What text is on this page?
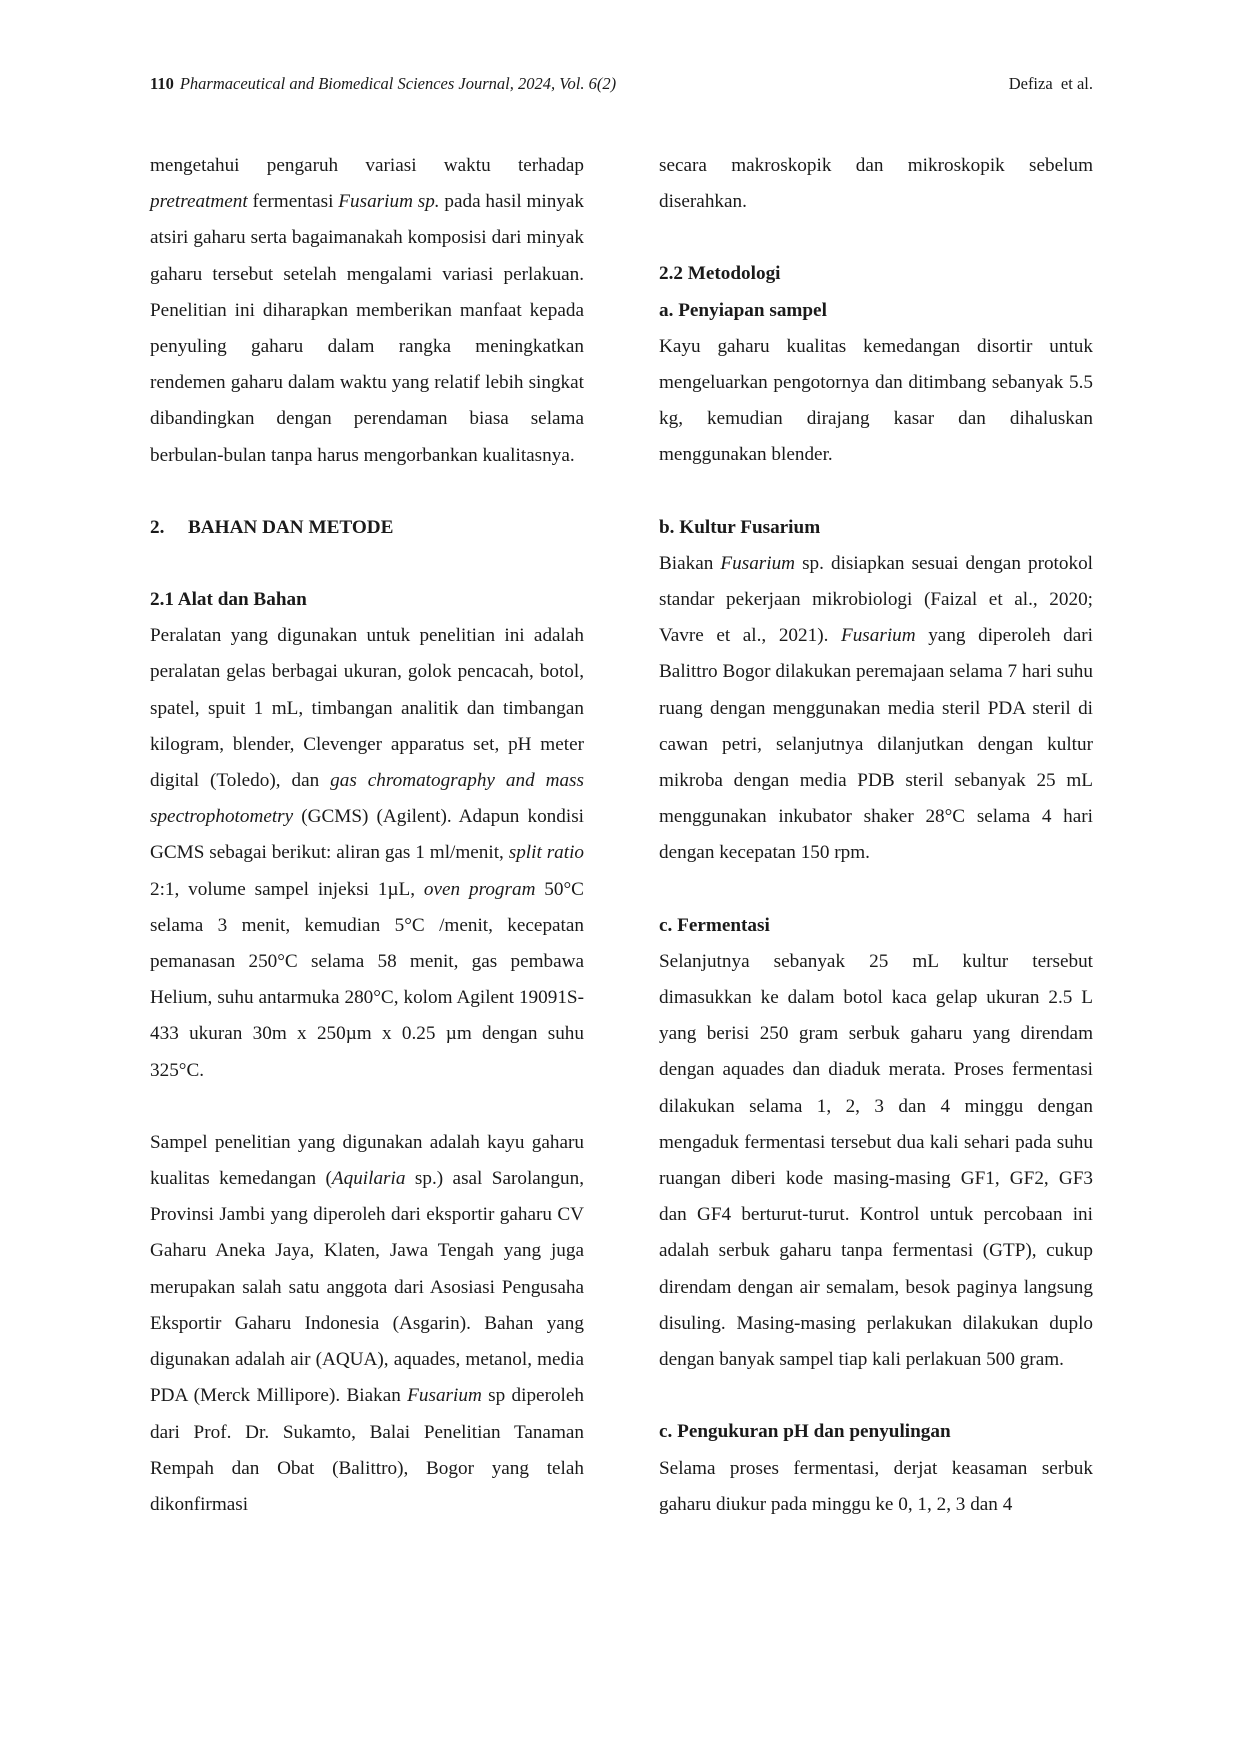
110 Pharmaceutical and Biomedical Sciences Journal, 2024, Vol. 6(2)	Defiza et al.

mengetahui pengaruh variasi waktu terhadap pretreatment fermentasi Fusarium sp. pada hasil minyak atsiri gaharu serta bagaimanakah komposisi dari minyak gaharu tersebut setelah mengalami variasi perlakuan. Penelitian ini diharapkan memberikan manfaat kepada penyuling gaharu dalam rangka meningkatkan rendemen gaharu dalam waktu yang relatif lebih singkat dibandingkan dengan perendaman biasa selama berbulan-bulan tanpa harus mengorbankan kualitasnya.

2. BAHAN DAN METODE

2.1 Alat dan Bahan

Peralatan yang digunakan untuk penelitian ini adalah peralatan gelas berbagai ukuran, golok pencacah, botol, spatel, spuit 1 mL, timbangan analitik dan timbangan kilogram, blender, Clevenger apparatus set, pH meter digital (Toledo), dan gas chromatography and mass spectrophotometry (GCMS) (Agilent). Adapun kondisi GCMS sebagai berikut: aliran gas 1 ml/menit, split ratio 2:1, volume sampel injeksi 1µL, oven program 50°C selama 3 menit, kemudian 5°C /menit, kecepatan pemanasan 250°C selama 58 menit, gas pembawa Helium, suhu antarmuka 280°C, kolom Agilent 19091S-433 ukuran 30m x 250µm x 0.25 µm dengan suhu 325°C.

Sampel penelitian yang digunakan adalah kayu gaharu kualitas kemedangan (Aquilaria sp.) asal Sarolangun, Provinsi Jambi yang diperoleh dari eksportir gaharu CV Gaharu Aneka Jaya, Klaten, Jawa Tengah yang juga merupakan salah satu anggota dari Asosiasi Pengusaha Eksportir Gaharu Indonesia (Asgarin). Bahan yang digunakan adalah air (AQUA), aquades, metanol, media PDA (Merck Millipore). Biakan Fusarium sp diperoleh dari Prof. Dr. Sukamto, Balai Penelitian Tanaman Rempah dan Obat (Balittro), Bogor yang telah dikonfirmasi

secara makroskopik dan mikroskopik sebelum diserahkan.

2.2 Metodologi

a. Penyiapan sampel

Kayu gaharu kualitas kemedangan disortir untuk mengeluarkan pengotornya dan ditimbang sebanyak 5.5 kg, kemudian dirajang kasar dan dihaluskan menggunakan blender.

b. Kultur Fusarium

Biakan Fusarium sp. disiapkan sesuai dengan protokol standar pekerjaan mikrobiologi (Faizal et al., 2020; Vavre et al., 2021). Fusarium yang diperoleh dari Balittro Bogor dilakukan peremajaan selama 7 hari suhu ruang dengan menggunakan media steril PDA steril di cawan petri, selanjutnya dilanjutkan dengan kultur mikroba dengan media PDB steril sebanyak 25 mL menggunakan inkubator shaker 28°C selama 4 hari dengan kecepatan 150 rpm.

c. Fermentasi

Selanjutnya sebanyak 25 mL kultur tersebut dimasukkan ke dalam botol kaca gelap ukuran 2.5 L yang berisi 250 gram serbuk gaharu yang direndam dengan aquades dan diaduk merata. Proses fermentasi dilakukan selama 1, 2, 3 dan 4 minggu dengan mengaduk fermentasi tersebut dua kali sehari pada suhu ruangan diberi kode masing-masing GF1, GF2, GF3 dan GF4 berturut-turut. Kontrol untuk percobaan ini adalah serbuk gaharu tanpa fermentasi (GTP), cukup direndam dengan air semalam, besok paginya langsung disuling. Masing-masing perlakukan dilakukan duplo dengan banyak sampel tiap kali perlakuan 500 gram.

c. Pengukuran pH dan penyulingan

Selama proses fermentasi, derjat keasaman serbuk gaharu diukur pada minggu ke 0, 1, 2, 3 dan 4
